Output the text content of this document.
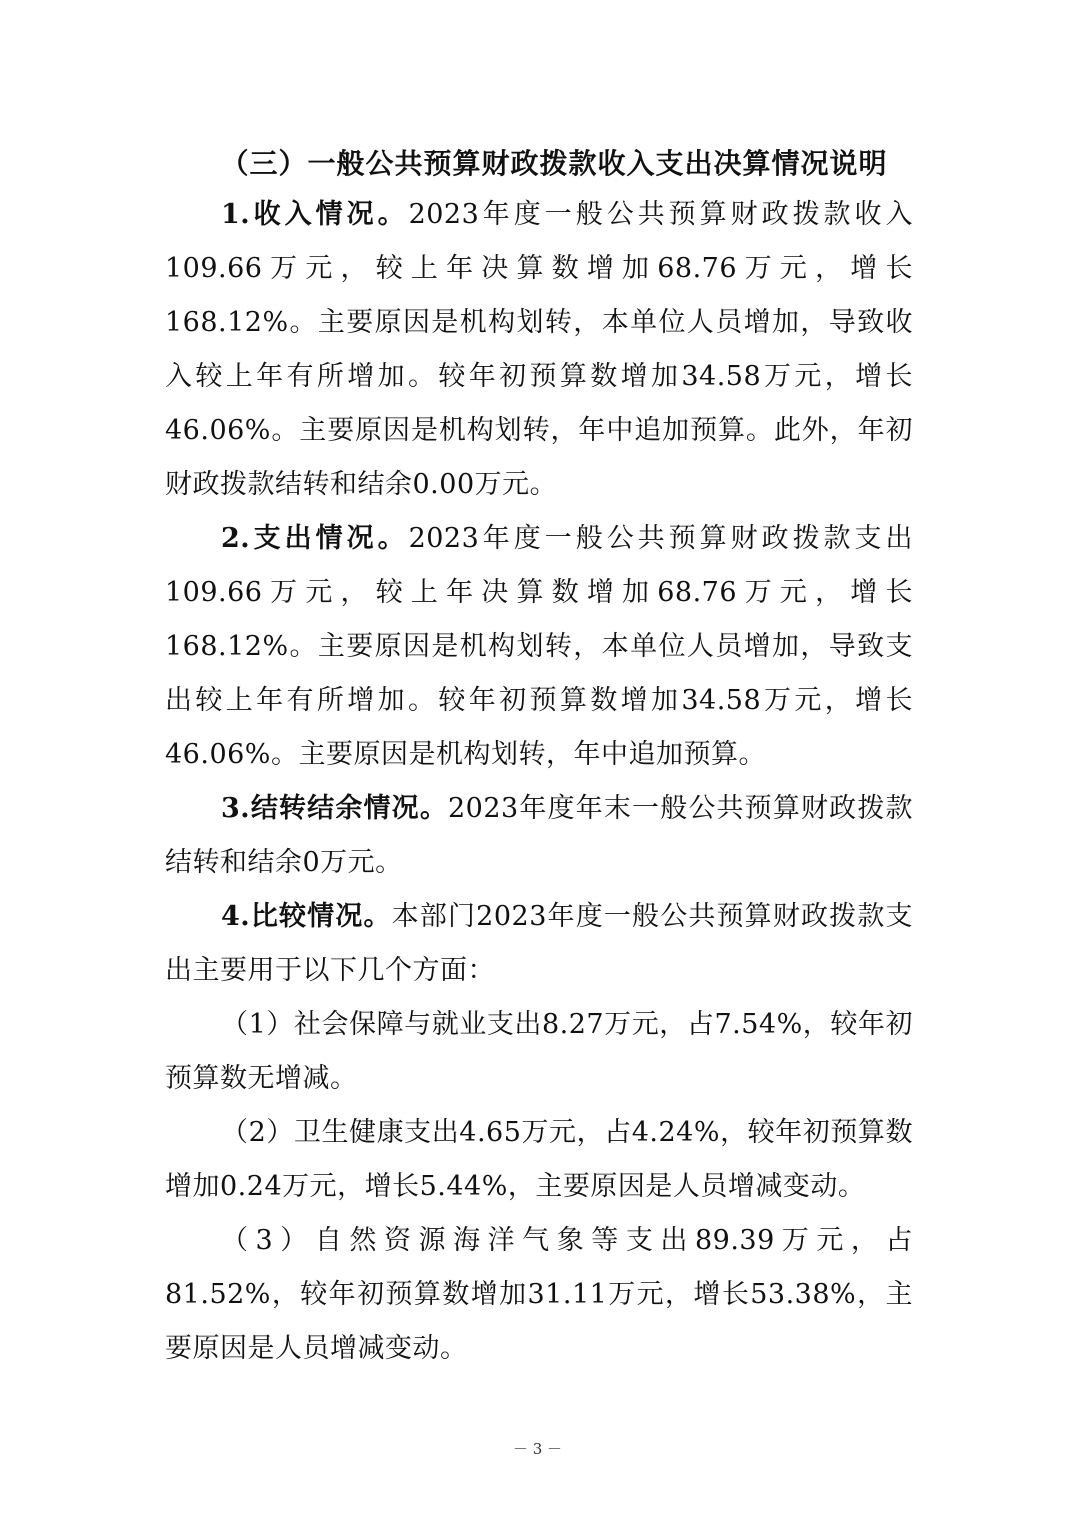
（三）一般公共预算财政拨款收入支出决算情况说明

1.收入情况。2023年度一般公共预算财政拨款收入109.66万元，较上年决算数增加68.76万元，增长168.12%。主要原因是机构划转，本单位人员增加，导致收入较上年有所增加。较年初预算数增加34.58万元，增长46.06%。主要原因是机构划转，年中追加预算。此外，年初财政拨款结转和结余0.00万元。

2.支出情况。2023年度一般公共预算财政拨款支出109.66万元，较上年决算数增加68.76万元，增长168.12%。主要原因是机构划转，本单位人员增加，导致支出较上年有所增加。较年初预算数增加34.58万元，增长46.06%。主要原因是机构划转，年中追加预算。

3.结转结余情况。2023年度年末一般公共预算财政拨款结转和结余0万元。

4.比较情况。本部门2023年度一般公共预算财政拨款支出主要用于以下几个方面：

（1）社会保障与就业支出8.27万元，占7.54%，较年初预算数无增减。

（2）卫生健康支出4.65万元，占4.24%，较年初预算数增加0.24万元，增长5.44%，主要原因是人员增减变动。

（3）自然资源海洋气象等支出89.39万元，占81.52%，较年初预算数增加31.11万元，增长53.38%，主要原因是人员增减变动。

－ 3 －
